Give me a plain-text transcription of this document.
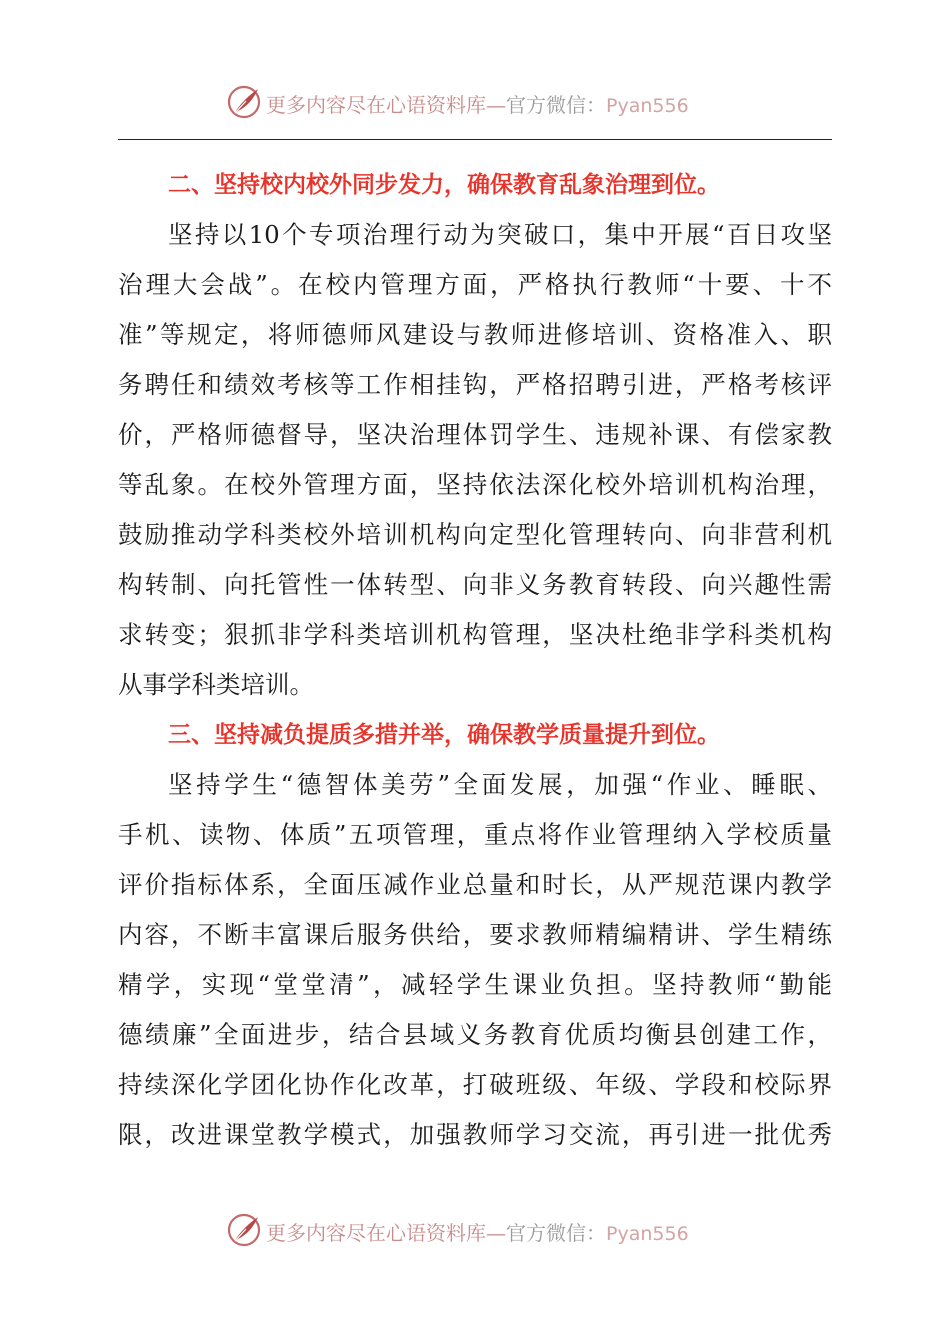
更多内容尽在心语资料库—官方微信：Pyan556
二、坚持校内校外同步发力，确保教育乱象治理到位。
坚持以10个专项治理行动为突破口，集中开展“百日攻坚
治理大会战”。在校内管理方面，严格执行教师“十要、十不
准”等规定，将师德师风建设与教师进修培训、资格准入、职
务聘任和绩效考核等工作相挂钩，严格招聘引进，严格考核评
价，严格师德督导，坚决治理体罚学生、违规补课、有偿家教
等乱象。在校外管理方面，坚持依法深化校外培训机构治理，
鼓励推动学科类校外培训机构向定型化管理转向、向非营利机
构转制、向托管性一体转型、向非义务教育转段、向兴趣性需
求转变；狠抓非学科类培训机构管理，坚决杜绝非学科类机构
从事学科类培训。
三、坚持减负提质多措并举，确保教学质量提升到位。
坚持学生“德智体美劳”全面发展，加强“作业、睡眠、
手机、读物、体质”五项管理，重点将作业管理纳入学校质量
评价指标体系，全面压减作业总量和时长，从严规范课内教学
内容，不断丰富课后服务供给，要求教师精编精讲、学生精练
精学，实现“堂堂清”，减轻学生课业负担。坚持教师“勤能
德绩廉”全面进步，结合县域义务教育优质均衡县创建工作，
持续深化学团化协作化改革，打破班级、年级、学段和校际界
限，改进课堂教学模式，加强教师学习交流，再引进一批优秀
更多内容尽在心语资料库—官方微信：Pyan556
